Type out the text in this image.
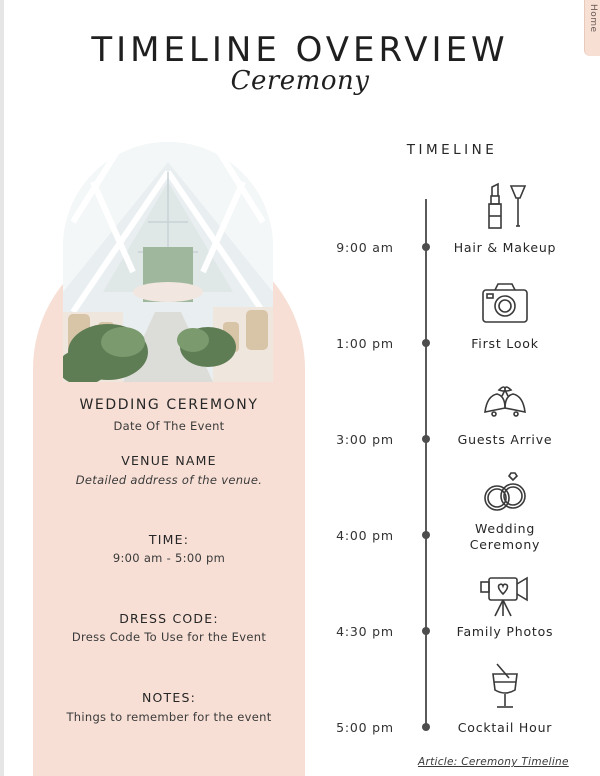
Home
TIMELINE OVERVIEW
Ceremony
WEDDING CEREMONY
Date Of The Event
VENUE NAME
Detailed address of the venue.
TIME:
9:00 am - 5:00 pm
DRESS CODE:
Dress Code To Use for the Event
NOTES:
Things to remember for the event
TIMELINE
9:00 am	Hair & Makeup
1:00 pm	First Look
3:00 pm	Guests Arrive
4:00 pm	Wedding
Ceremony
4:30 pm	Family Photos
5:00 pm	Cocktail Hour
Article: Ceremony Timeline
